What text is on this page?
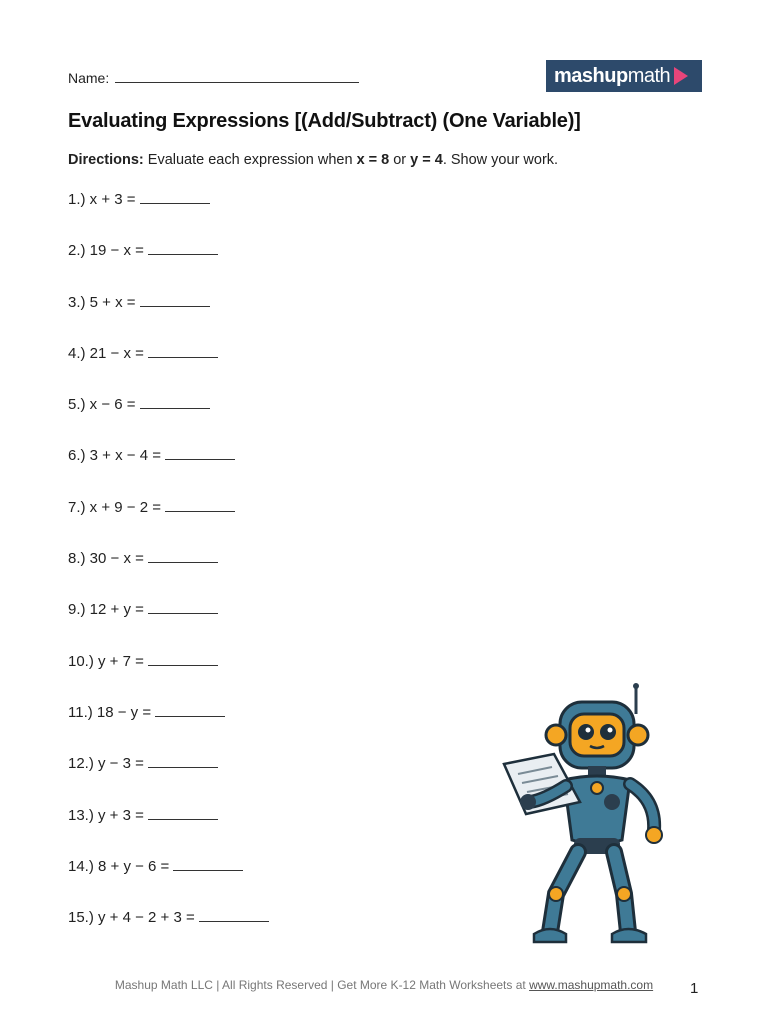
Name:	mashup math
Evaluating Expressions [(Add/Subtract) (One Variable)]
Directions: Evaluate each expression when x = 8 or y = 4. Show your work.
1.) x + 3 =
2.) 19 − x =
3.) 5 + x =
4.) 21 − x =
5.) x − 6 =
6.) 3 + x − 4 =
7.) x + 9 − 2 =
8.) 30 − x =
9.) 12 + y =
10.) y + 7 =
11.) 18 − y =
12.) y − 3 =
13.) y + 3 =
14.) 8 + y − 6 =
15.) y + 4 − 2 + 3 =
Mashup Math LLC | All Rights Reserved | Get More K-12 Math Worksheets at www.mashupmath.com	1
